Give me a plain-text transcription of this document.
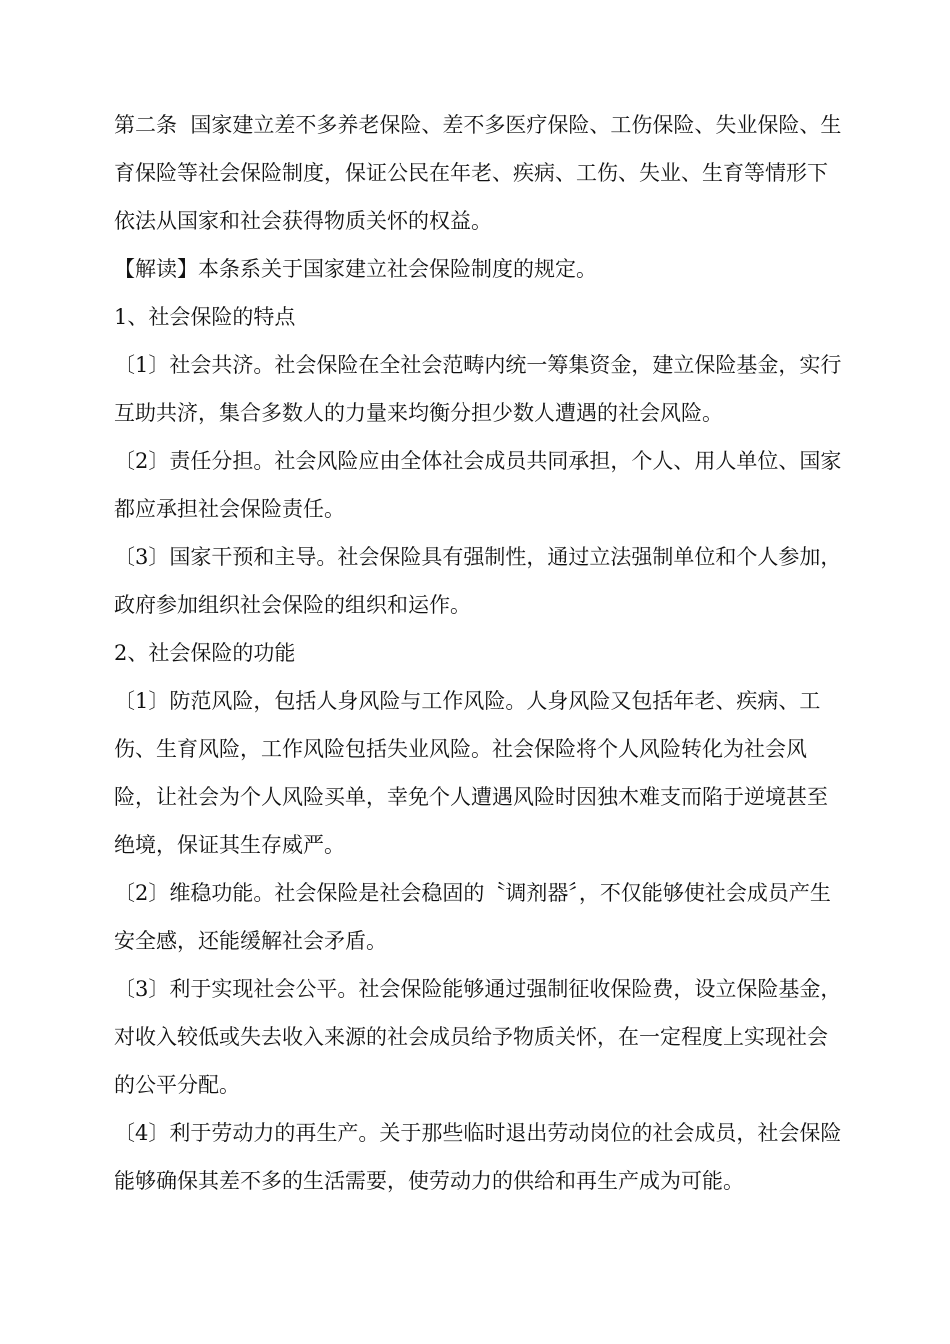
第二条  国家建立差不多养老保险、差不多医疗保险、工伤保险、失业保险、生育保险等社会保险制度，保证公民在年老、疾病、工伤、失业、生育等情形下依法从国家和社会获得物质关怀的权益。

【解读】本条系关于国家建立社会保险制度的规定。

1、社会保险的特点

〔1〕社会共济。社会保险在全社会范畴内统一筹集资金，建立保险基金，实行互助共济，集合多数人的力量来均衡分担少数人遭遇的社会风险。

〔2〕责任分担。社会风险应由全体社会成员共同承担，个人、用人单位、国家都应承担社会保险责任。

〔3〕国家干预和主导。社会保险具有强制性，通过立法强制单位和个人参加，政府参加组织社会保险的组织和运作。

2、社会保险的功能

〔1〕防范风险，包括人身风险与工作风险。人身风险又包括年老、疾病、工伤、生育风险，工作风险包括失业风险。社会保险将个人风险转化为社会风险，让社会为个人风险买单，幸免个人遭遇风险时因独木难支而陷于逆境甚至绝境，保证其生存威严。

〔2〕维稳功能。社会保险是社会稳固的〝调剂器〞，不仅能够使社会成员产生安全感，还能缓解社会矛盾。

〔3〕利于实现社会公平。社会保险能够通过强制征收保险费，设立保险基金，对收入较低或失去收入来源的社会成员给予物质关怀，在一定程度上实现社会的公平分配。

〔4〕利于劳动力的再生产。关于那些临时退出劳动岗位的社会成员，社会保险能够确保其差不多的生活需要，使劳动力的供给和再生产成为可能。
